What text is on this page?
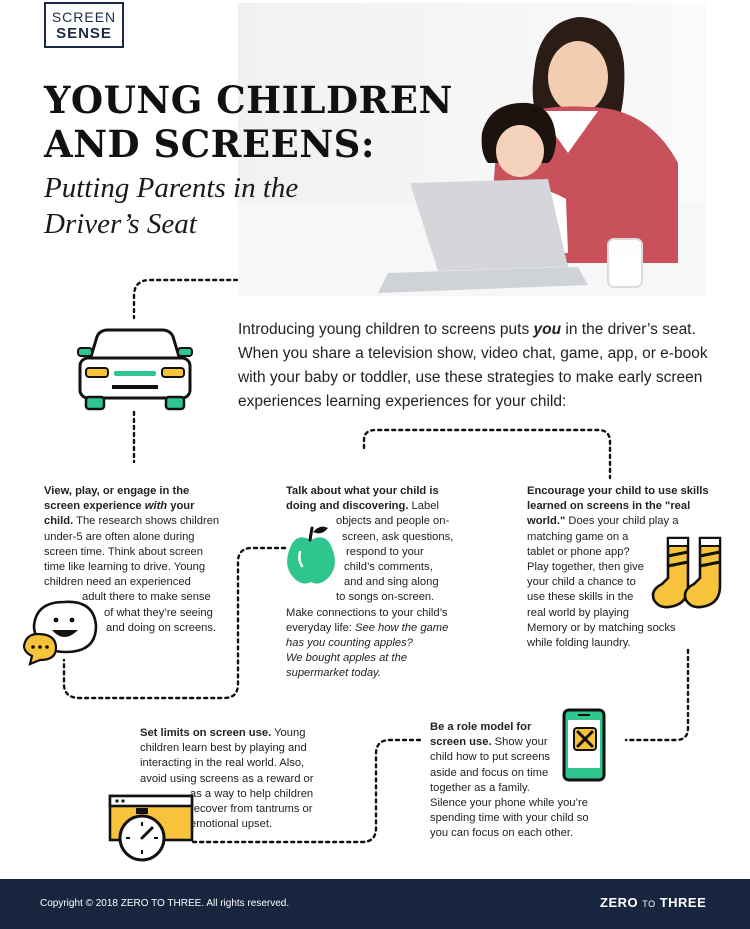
SCREEN
SENSE
YOUNG CHILDREN
AND SCREENS:
Putting Parents in the
Driver’s Seat
Introducing young children to screens puts you in the driver’s seat. When you share a television show, video chat, game, app, or e-book with your baby or toddler, use these strategies to make early screen experiences learning experiences for your child:
View, play, or engage in the
screen experience with your
child. The research shows children
under-5 are often alone during
screen time. Think about screen
time like learning to drive. Young
children need an experienced
adult there to make sense
of what they’re seeing
and doing on screens.
Talk about what your child is
doing and discovering. Label
objects and people on-
screen, ask questions,
respond to your
child’s comments,
and and sing along
to songs on-screen.
Make connections to your child’s
everyday life: See how the game
has you counting apples?
We bought apples at the
supermarket today.
Encourage your child to use skills
learned on screens in the "real
world." Does your child play a
matching game on a
tablet or phone app?
Play together, then give
your child a chance to
use these skills in the
real world by playing
Memory or by matching socks
while folding laundry.
Set limits on screen use. Young
children learn best by playing and
interacting in the real world. Also,
avoid using screens as a reward or
as a way to help children
recover from tantrums or
emotional upset.
Be a role model for
screen use. Show your
child how to put screens
aside and focus on time
together as a family.
Silence your phone while you’re
spending time with your child so
you can focus on each other.
Copyright © 2018 ZERO TO THREE. All rights reserved.	ZERO TO THREE
